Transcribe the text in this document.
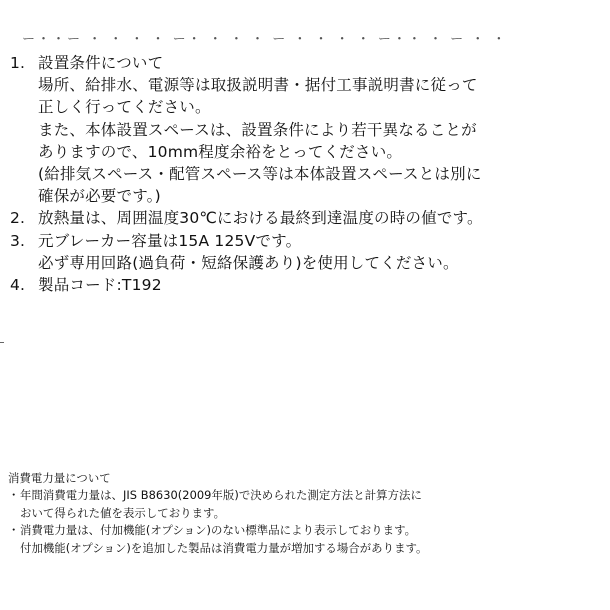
ー・・ー ・ ・ ・ ・ ー・ ・ ・ ・ ー ・ ・ ・ ・ ー・・ ・ ー ・ ・
1. 設置条件について
場所、給排水、電源等は取扱説明書・据付工事説明書に従って
正しく行ってください。
また、本体設置スペースは、設置条件により若干異なることが
ありますので、10mm程度余裕をとってください。
(給排気スペース・配管スペース等は本体設置スペースとは別に
確保が必要です。)
2. 放熱量は、周囲温度30℃における最終到達温度の時の値です。
3. 元ブレーカー容量は15A 125Vです。
必ず専用回路(過負荷・短絡保護あり)を使用してください。
4. 製品コード:T192
消費電力量について
・ 年間消費電力量は、JIS B8630(2009年版)で決められた測定方法と計算方法に
おいて得られた値を表示しております。
・ 消費電力量は、付加機能(オプション)のない標準品により表示しております。
付加機能(オプション)を追加した製品は消費電力量が増加する場合があります。
